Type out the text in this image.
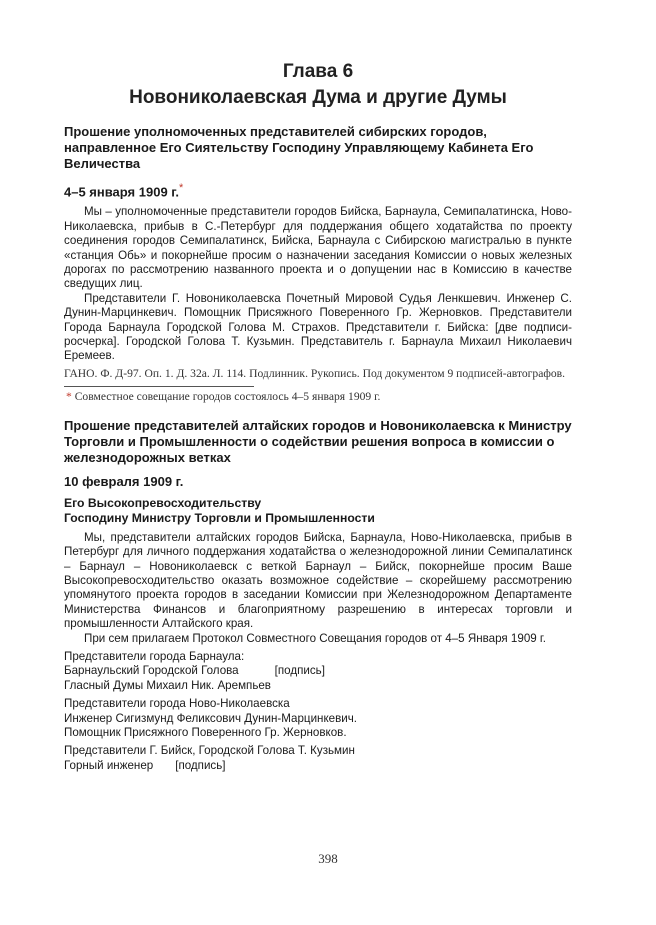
Глава 6
Новониколаевская Дума и другие Думы
Прошение уполномоченных представителей сибирских городов, направленное Его Сиятельству Господину Управляющему Кабинета Его Величества
4–5 января 1909 г.*

Мы – уполномоченные представители городов Бийска, Барнаула, Семипалатинска, Ново-Николаевска, прибыв в С.-Петербург для поддержания общего ходатайства по проекту соединения городов Семипалатинск, Бийска, Барнаула с Сибирскою магистралью в пункте «станция Обь» и покорнейше просим о назначении заседания Комиссии о новых железных дорогах по рассмотрению названного проекта и о допущении нас в Комиссию в качестве сведущих лиц.

Представители Г. Новониколаевска Почетный Мировой Судья Ленкшевич. Инженер С. Дунин-Марцинкевич. Помощник Присяжного Поверенного Гр. Жерновков. Представители Города Барнаула Городской Голова М. Страхов. Представители г. Бийска: [две подписи-росчерка]. Городской Голова Т. Кузьмин. Представитель г. Барнаула Михаил Николаевич Еремеев.

ГАНО. Ф. Д-97. Оп. 1. Д. 32а. Л. 114. Подлинник. Рукопись. Под документом 9 подписей-автографов.
* Совместное совещание городов состоялось 4–5 января 1909 г.
Прошение представителей алтайских городов и Новониколаевска к Министру Торговли и Промышленности о содействии решения вопроса в комиссии о железнодорожных ветках
10 февраля 1909 г.
Его Высокопревосходительству
Господину Министру Торговли и Промышленности

Мы, представители алтайских городов Бийска, Барнаула, Ново-Николаевска, прибыв в Петербург для личного поддержания ходатайства о железнодорожной линии Семипалатинск – Барнаул – Новониколаевск с веткой Барнаул – Бийск, покорнейше просим Ваше Высокопревосходительство оказать возможное содействие – скорейшему рассмотрению упомянутого проекта городов в заседании Комиссии при Железнодорожном Департаменте Министерства Финансов и благоприятному разрешению в интересах торговли и промышленности Алтайского края.

При сем прилагаем Протокол Совместного Совещания городов от 4–5 Января 1909 г.

Представители города Барнаула:
Барнаульский Городской Голова	[подпись]
Гласный Думы Михаил Ник. Аремпьев
Представители города Ново-Николаевска
Инженер Сигизмунд Феликсович Дунин-Марцинкевич.
Помощник Присяжного Поверенного Гр. Жерновков.
Представители Г. Бийск, Городской Голова Т. Кузьмин
Горный инженер [подпись]
398
